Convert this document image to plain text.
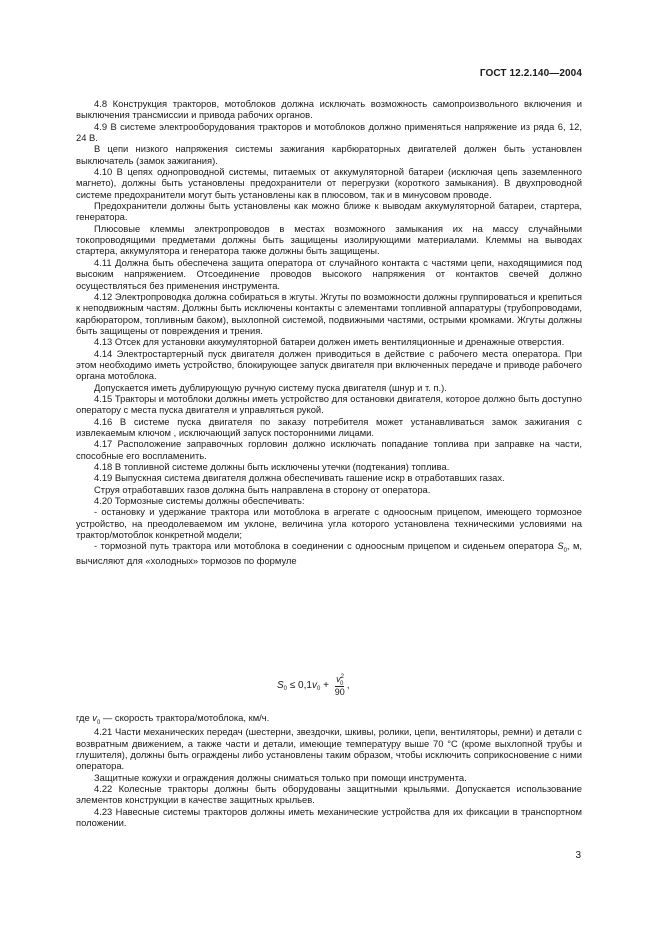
ГОСТ 12.2.140—2004

4.8 Конструкция тракторов, мотоблоков должна исключать возможность самопроизвольного включения и выключения трансмиссии и привода рабочих органов.

4.9 В системе электрооборудования тракторов и мотоблоков должно применяться напряжение из ряда 6, 12, 24 В.

В цепи низкого напряжения системы зажигания карбюраторных двигателей должен быть установлен выключатель (замок зажигания).

4.10 В цепях однопроводной системы, питаемых от аккумуляторной батареи (исключая цепь заземленного магнето), должны быть установлены предохранители от перегрузки (короткого замыкания). В двухпроводной системе предохранители могут быть установлены как в плюсовом, так и в минусовом проводе.

Предохранители должны быть установлены как можно ближе к выводам аккумуляторной батареи, стартера, генератора.

Плюсовые клеммы электропроводов в местах возможного замыкания их на массу случайными токопроводящими предметами должны быть защищены изолирующими материалами. Клеммы на выводах стартера, аккумулятора и генератора также должны быть защищены.

4.11 Должна быть обеспечена защита оператора от случайного контакта с частями цепи, находящимися под высоким напряжением. Отсоединение проводов высокого напряжения от контактов свечей должно осуществляться без применения инструмента.

4.12 Электропроводка должна собираться в жгуты. Жгуты по возможности должны группироваться и крепиться к неподвижным частям. Должны быть исключены контакты с элементами топливной аппаратуры (трубопроводами, карбюратором, топливным баком), выхлопной системой, подвижными частями, острыми кромками. Жгуты должны быть защищены от повреждения и трения.

4.13 Отсек для установки аккумуляторной батареи должен иметь вентиляционные и дренажные отверстия.

4.14 Электростартерный пуск двигателя должен приводиться в действие с рабочего места оператора. При этом необходимо иметь устройство, блокирующее запуск двигателя при включенных передаче и приводе рабочего органа мотоблока.

Допускается иметь дублирующую ручную систему пуска двигателя (шнур и т. п.).

4.15 Тракторы и мотоблоки должны иметь устройство для остановки двигателя, которое должно быть доступно оператору с места пуска двигателя и управляться рукой.

4.16 В системе пуска двигателя по заказу потребителя может устанавливаться замок зажигания с извлекаемым ключом , исключающий запуск посторонними лицами.

4.17 Расположение заправочных горловин должно исключать попадание топлива при заправке на части, способные его воспламенить.

4.18 В топливной системе должны быть исключены утечки (подтекания) топлива.

4.19 Выпускная система двигателя должна обеспечивать гашение искр в отработавших газах.

Струя отработавших газов должна быть направлена в сторону от оператора.

4.20 Тормозные системы должны обеспечивать:

- остановку и удержание трактора или мотоблока в агрегате с одноосным прицепом, имеющего тормозное устройство, на преодолеваемом им уклоне, величина угла которого установлена техническими условиями на трактор/мотоблок конкретной модели;

- тормозной путь трактора или мотоблока в соединении с одноосным прицепом и сиденьем оператора $S_0$, м, вычисляют для «холодных» тормозов по формуле

S 0 ≤ 0,1 v $0 + \frac{v^2_0}{90}$ ,

где $v_0$ — скорость трактора/мотоблока, км/ч.

4.21 Части механических передач (шестерни, звездочки, шкивы, ролики, цепи, вентиляторы, ремни) и детали с возвратным движением, а также части и детали, имеющие температуру выше 70 °С (кроме выхлопной трубы и глушителя), должны быть ограждены либо установлены таким образом, чтобы исключить соприкосновение с ними оператора.

Защитные кожухи и ограждения должны сниматься только при помощи инструмента.

4.22 Колесные тракторы должны быть оборудованы защитными крыльями. Допускается использование элементов конструкции в качестве защитных крыльев.

4.23 Навесные системы тракторов должны иметь механические устройства для их фиксации в транспортном положении.

3
